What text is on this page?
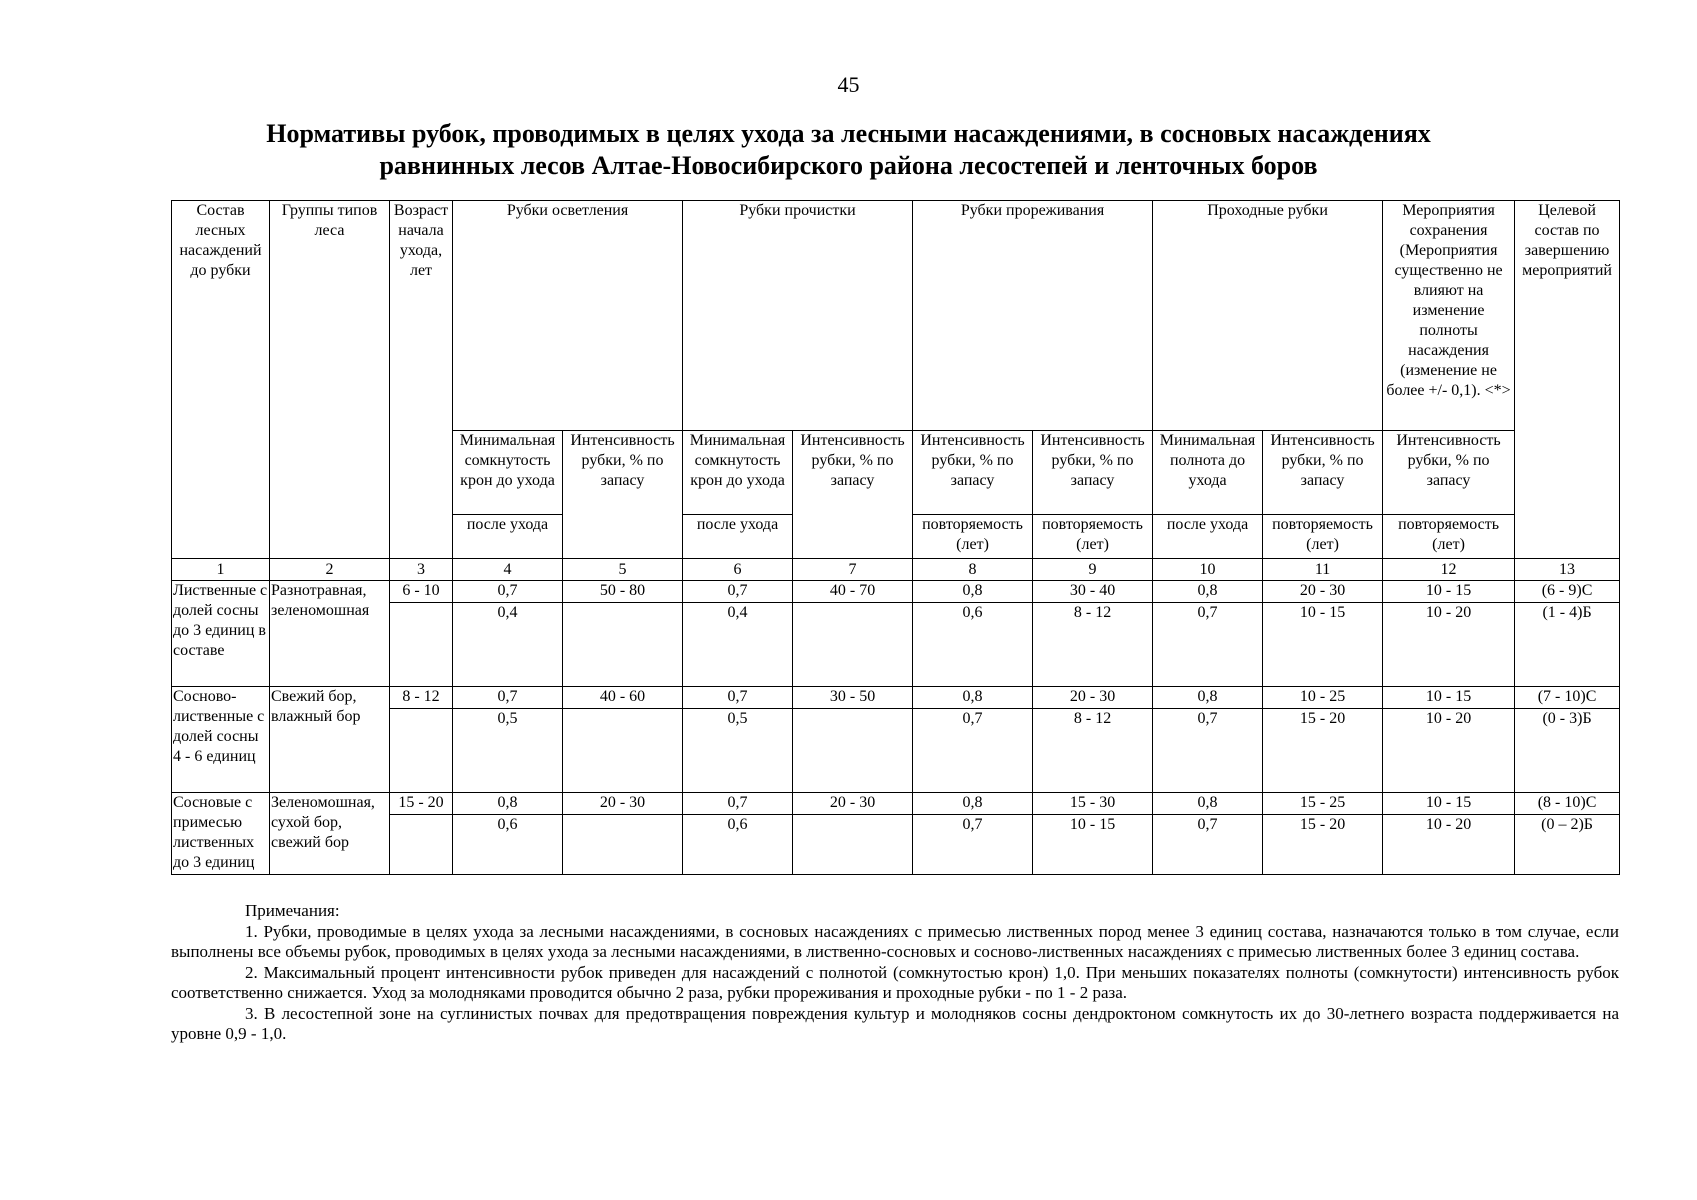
45
Нормативы рубок, проводимых в целях ухода за лесными насаждениями, в сосновых насаждениях
равнинных лесов Алтае-Новосибирского района лесостепей и ленточных боров
Состав лесных насаждений до рубки	Группы типов леса	Возраст начала ухода, лет	Рубки осветления		Рубки прочистки		Рубки прореживания		Проходные рубки		Мероприятия сохранения (Мероприятия существенно не влияют на изменение полноты насаждения (изменение не более +/- 0,1). <*>	Целевой состав по завершению мероприятий
			Минимальная сомкнутость крон до ухода	Интенсивность рубки, % по запасу	Минимальная сомкнутость крон до ухода	Интенсивность рубки, % по запасу	Интенсивность рубки, % по запасу	Интенсивность рубки, % по запасу	Минимальная полнота до ухода	Интенсивность рубки, % по запасу	Интенсивность рубки, % по запасу	
			после ухода		после ухода		повторяемость (лет)	повторяемость (лет)	после ухода	повторяемость (лет)	повторяемость (лет)	
1	2	3	4	5	6	7	8	9	10	11	12	13
Лиственные с долей сосны до 3 единиц в составе	Разнотравная, зеленомошная	6 - 10	0,7	50 - 80	0,7	40 - 70	0,8	30 - 40	0,8	20 - 30	10 - 15	(6 - 9)С
			0,4		0,4		0,6	8 - 12	0,7	10 - 15	10 - 20	(1 - 4)Б
Сосново-лиственные с долей сосны 4 - 6 единиц	Свежий бор, влажный бор	8 - 12	0,7	40 - 60	0,7	30 - 50	0,8	20 - 30	0,8	10 - 25	10 - 15	(7 - 10)С
			0,5		0,5		0,7	8 - 12	0,7	15 - 20	10 - 20	(0 - 3)Б
Сосновые с примесью лиственных до 3 единиц	Зеленомошная, сухой бор, свежий бор	15 - 20	0,8	20 - 30	0,7	20 - 30	0,8	15 - 30	0,8	15 - 25	10 - 15	(8 - 10)С
			0,6		0,6		0,7	10 - 15	0,7	15 - 20	10 - 20	(0 – 2)Б

Примечания:

1. Рубки, проводимые в целях ухода за лесными насаждениями, в сосновых насаждениях с примесью лиственных пород менее 3 единиц состава, назначаются только в том случае, если выполнены все объемы рубок, проводимых в целях ухода за лесными насаждениями, в лиственно-сосновых и сосново-лиственных насаждениях с примесью лиственных более 3 единиц состава.

2. Максимальный процент интенсивности рубок приведен для насаждений с полнотой (сомкнутостью крон) 1,0. При меньших показателях полноты (сомкнутости) интенсивность рубок соответственно снижается. Уход за молодняками проводится обычно 2 раза, рубки прореживания и проходные рубки - по 1 - 2 раза.

3. В лесостепной зоне на суглинистых почвах для предотвращения повреждения культур и молодняков сосны дендроктоном сомкнутость их до 30-летнего возраста поддерживается на уровне 0,9 - 1,0.
